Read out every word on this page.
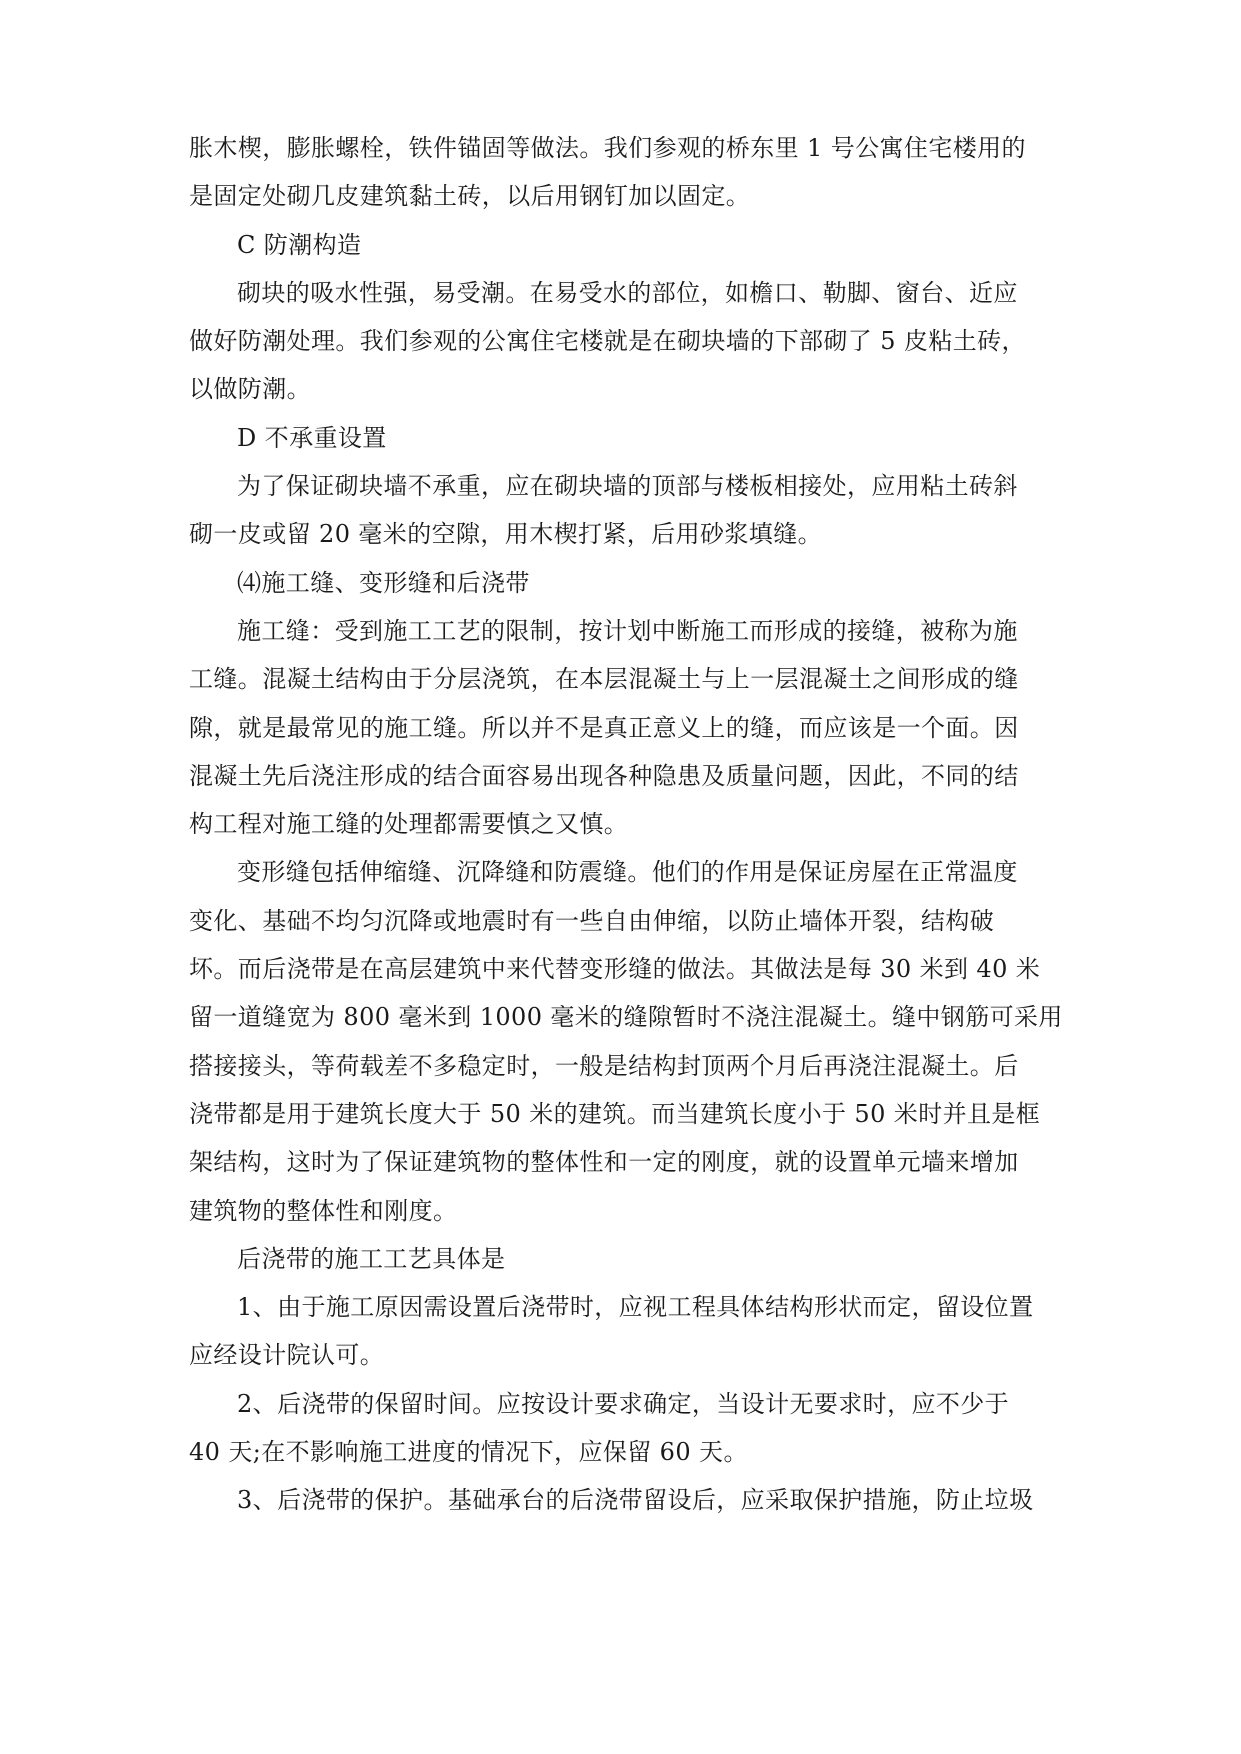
胀木楔，膨胀螺栓，铁件锚固等做法。我们参观的桥东里 1 号公寓住宅楼用的
是固定处砌几皮建筑黏土砖，以后用钢钉加以固定。
C 防潮构造
砌块的吸水性强，易受潮。在易受水的部位，如檐口、勒脚、窗台、近应
做好防潮处理。我们参观的公寓住宅楼就是在砌块墙的下部砌了 5 皮粘土砖，
以做防潮。
D 不承重设置
为了保证砌块墙不承重，应在砌块墙的顶部与楼板相接处，应用粘土砖斜
砌一皮或留 20 毫米的空隙，用木楔打紧，后用砂浆填缝。
⑷施工缝、变形缝和后浇带
施工缝：受到施工工艺的限制，按计划中断施工而形成的接缝，被称为施
工缝。混凝土结构由于分层浇筑，在本层混凝土与上一层混凝土之间形成的缝
隙，就是最常见的施工缝。所以并不是真正意义上的缝，而应该是一个面。因
混凝土先后浇注形成的结合面容易出现各种隐患及质量问题，因此，不同的结
构工程对施工缝的处理都需要慎之又慎。
变形缝包括伸缩缝、沉降缝和防震缝。他们的作用是保证房屋在正常温度
变化、基础不均匀沉降或地震时有一些自由伸缩，以防止墙体开裂，结构破
坏。而后浇带是在高层建筑中来代替变形缝的做法。其做法是每 30 米到 40 米
留一道缝宽为 800 毫米到 1000 毫米的缝隙暂时不浇注混凝土。缝中钢筋可采用
搭接接头，等荷载差不多稳定时，一般是结构封顶两个月后再浇注混凝土。后
浇带都是用于建筑长度大于 50 米的建筑。而当建筑长度小于 50 米时并且是框
架结构，这时为了保证建筑物的整体性和一定的刚度，就的设置单元墙来增加
建筑物的整体性和刚度。
后浇带的施工工艺具体是
1、由于施工原因需设置后浇带时，应视工程具体结构形状而定，留设位置
应经设计院认可。
2、后浇带的保留时间。应按设计要求确定，当设计无要求时，应不少于
40 天;在不影响施工进度的情况下，应保留 60 天。
3、后浇带的保护。基础承台的后浇带留设后，应采取保护措施，防止垃圾
